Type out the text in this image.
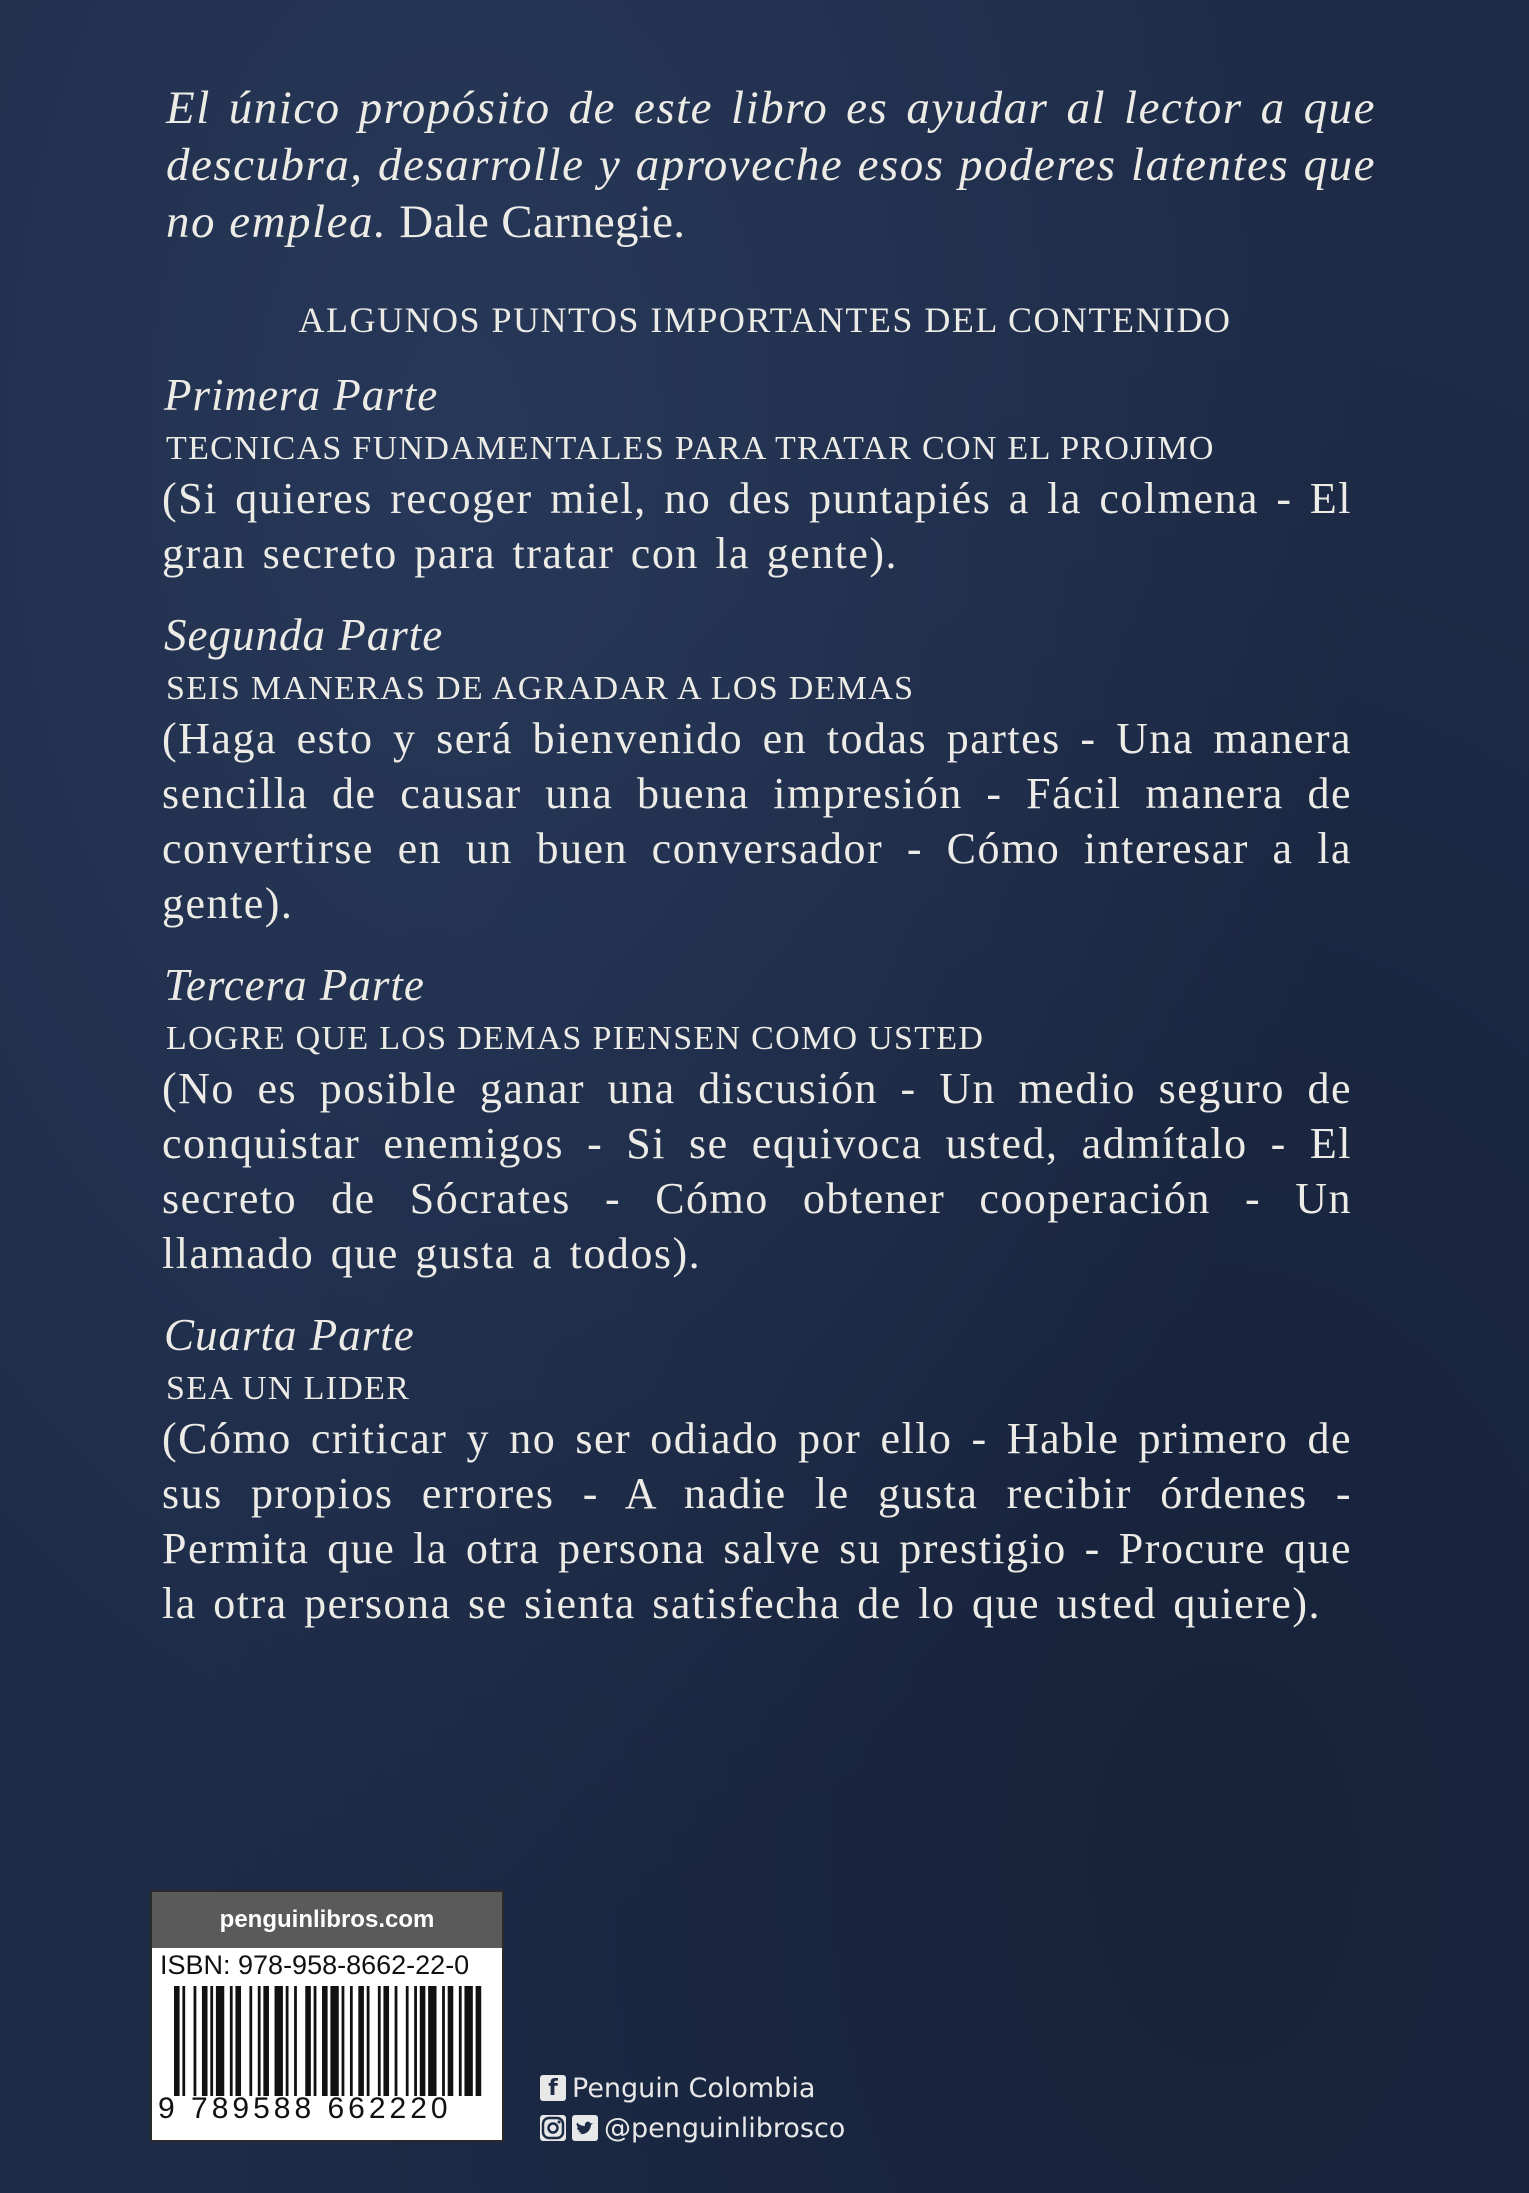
El único propósito de este libro es ayudar al lector a que descubra, desarrolle y aproveche esos poderes latentes que no emplea. Dale Carnegie.

ALGUNOS PUNTOS IMPORTANTES DEL CONTENIDO
Primera Parte
TECNICAS FUNDAMENTALES PARA TRATAR CON EL PROJIMO
(Si quieres recoger miel, no des puntapiés a la colmena - El gran secreto para tratar con la gente).
Segunda Parte
SEIS MANERAS DE AGRADAR A LOS DEMAS
(Haga esto y será bienvenido en todas partes - Una manera sencilla de causar una buena impresión - Fácil manera de convertirse en un buen conversador - Cómo interesar a la gente).
Tercera Parte
LOGRE QUE LOS DEMAS PIENSEN COMO USTED
(No es posible ganar una discusión - Un medio seguro de conquistar enemigos - Si se equivoca usted, admítalo - El secreto de Sócrates - Cómo obtener cooperación - Un llamado que gusta a todos).
Cuarta Parte
SEA UN LIDER
(Cómo criticar y no ser odiado por ello - Hable primero de sus propios errores - A nadie le gusta recibir órdenes - Permita que la otra persona salve su prestigio - Procure que la otra persona se sienta satisfecha de lo que usted quiere).
penguinlibros.com
ISBN: 978-958-8662-22-0
9 789588 662220
f Penguin Colombia
@penguinlibrosco
